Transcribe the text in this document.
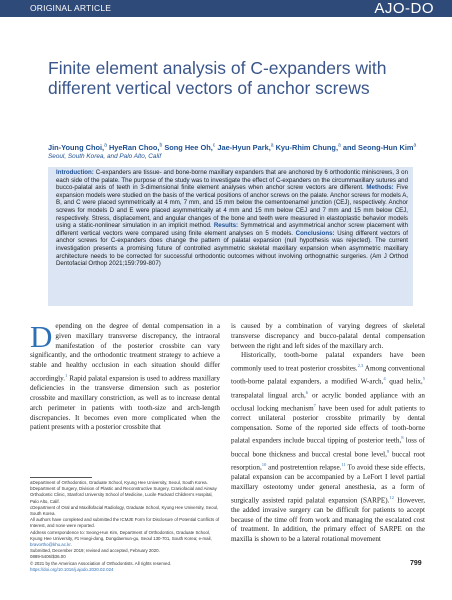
ORIGINAL ARTICLE	AJO-DO
Finite element analysis of C-expanders with different vertical vectors of anchor screws
Jin-Young Choi,$^a$ HyeRan Choo,$^b$ Song Hee Oh,$^c$ Jae-Hyun Park,$^a$ Kyu-Rhim Chung,$^a$ and Seong-Hun Kim$^a$
Seoul, South Korea, and Palo Alto, Calif

Introduction: C-expanders are tissue- and bone-borne maxillary expanders that are anchored by 6 orthodontic miniscrews, 3 on each side of the palate. The purpose of the study was to investigate the effect of C-expanders on the circummaxillary sutures and bucco-palatal axis of teeth in 3-dimensional finite element analyses when anchor screw vectors are different. Methods: Five expansion models were studied on the basis of the vertical positions of anchor screws on the palate. Anchor screws for models A, B, and C were placed symmetrically at 4 mm, 7 mm, and 15 mm below the cementoenamel junction (CEJ), respectively. Anchor screws for models D and E were placed asymmetrically at 4 mm and 15 mm below CEJ and 7 mm and 15 mm below CEJ, respectively. Stress, displacement, and angular changes of the bone and teeth were measured in elastoplastic behavior models using a static-nonlinear simulation in an implicit method. Results: Symmetrical and asymmetrical anchor screw placement with different vertical vectors were compared using finite element analyses on 5 models. Conclusions: Using different vectors of anchor screws for C-expanders does change the pattern of palatal expansion (null hypothesis was rejected). The current investigation presents a promising future of controlled asymmetric skeletal maxillary expansion when asymmetric maxillary architecture needs to be corrected for successful orthodontic outcomes without involving orthognathic surgeries. (Am J Orthod Dentofacial Orthop 2021;159:799-807)

Depending on the degree of dental compensation in a given maxillary transverse discrepancy, the intraoral manifestation of the posterior crossbite can vary significantly, and the orthodontic treatment strategy to achieve a stable and healthy occlusion in each situation should differ accordingly.$^1$ Rapid palatal expansion is used to address maxillary deficiencies in the transverse dimension such as posterior crossbite and maxillary constriction, as well as to increase dental arch perimeter in patients with tooth-size and arch-length discrepancies. It becomes even more complicated when the patient presents with a posterior crossbite that

is caused by a combination of varying degrees of skeletal transverse discrepancy and bucco-palatal dental compensation between the right and left sides of the maxillary arch.
Historically, tooth-borne palatal expanders have been commonly used to treat posterior crossbites.$^{2,3}$ Among conventional tooth-borne palatal expanders, a modified W-arch,$^4$ quad helix,$^5$ transpalatal lingual arch,$^6$ or acrylic bonded appliance with an occlusal locking mechanism$^7$ have been used for adult patients to correct unilateral posterior crossbite primarily by dental compensation. Some of the reported side effects of tooth-borne palatal expanders include buccal tipping of posterior teeth,$^8$ loss of buccal bone thickness and buccal crestal bone level,$^9$ buccal root resorption,$^{10}$ and postretention relapse.$^{11}$ To avoid these side effects, palatal expansion can be accompanied by a LeFort I level partial maxillary osteotomy under general anesthesia, as a form of surgically assisted rapid palatal expansion (SARPE).$^{12}$ However, the added invasive surgery can be difficult for patients to accept because of the time off from work and managing the escalated cost of treatment. In addition, the primary effect of SARPE on the maxilla is shown to be a lateral rotational movement
aDepartment of Orthodontics, Graduate School, Kyung Hee University, Seoul, South Korea.
bDepartment of Surgery, Division of Plastic and Reconstructive Surgery, Craniofacial and Airway Orthodontic Clinic, Stanford University School of Medicine, Lucile Packard Children's Hospital, Palo Alto, Calif.
cDepartment of Oral and Maxillofacial Radiology, Graduate School, Kyung Hee University, Seoul, South Korea.
All authors have completed and submitted the ICMJE Form for Disclosure of Potential Conflicts of Interest, and none were reported.
Address correspondence to: Seong-Hun Kim, Department of Orthodontics, Graduate School, Kyung Hee University, #1 Hoegi-dong, Dongdaemun-gu, Seoul 130-701, South Korea; e-mail, bravortho@khu.ac.kr.
Submitted, December 2019; revised and accepted, February 2020.
0889-5406/$36.00
© 2021 by the American Association of Orthodontists. All rights reserved.
https://doi.org/10.1016/j.ajodo.2020.02.024
799
